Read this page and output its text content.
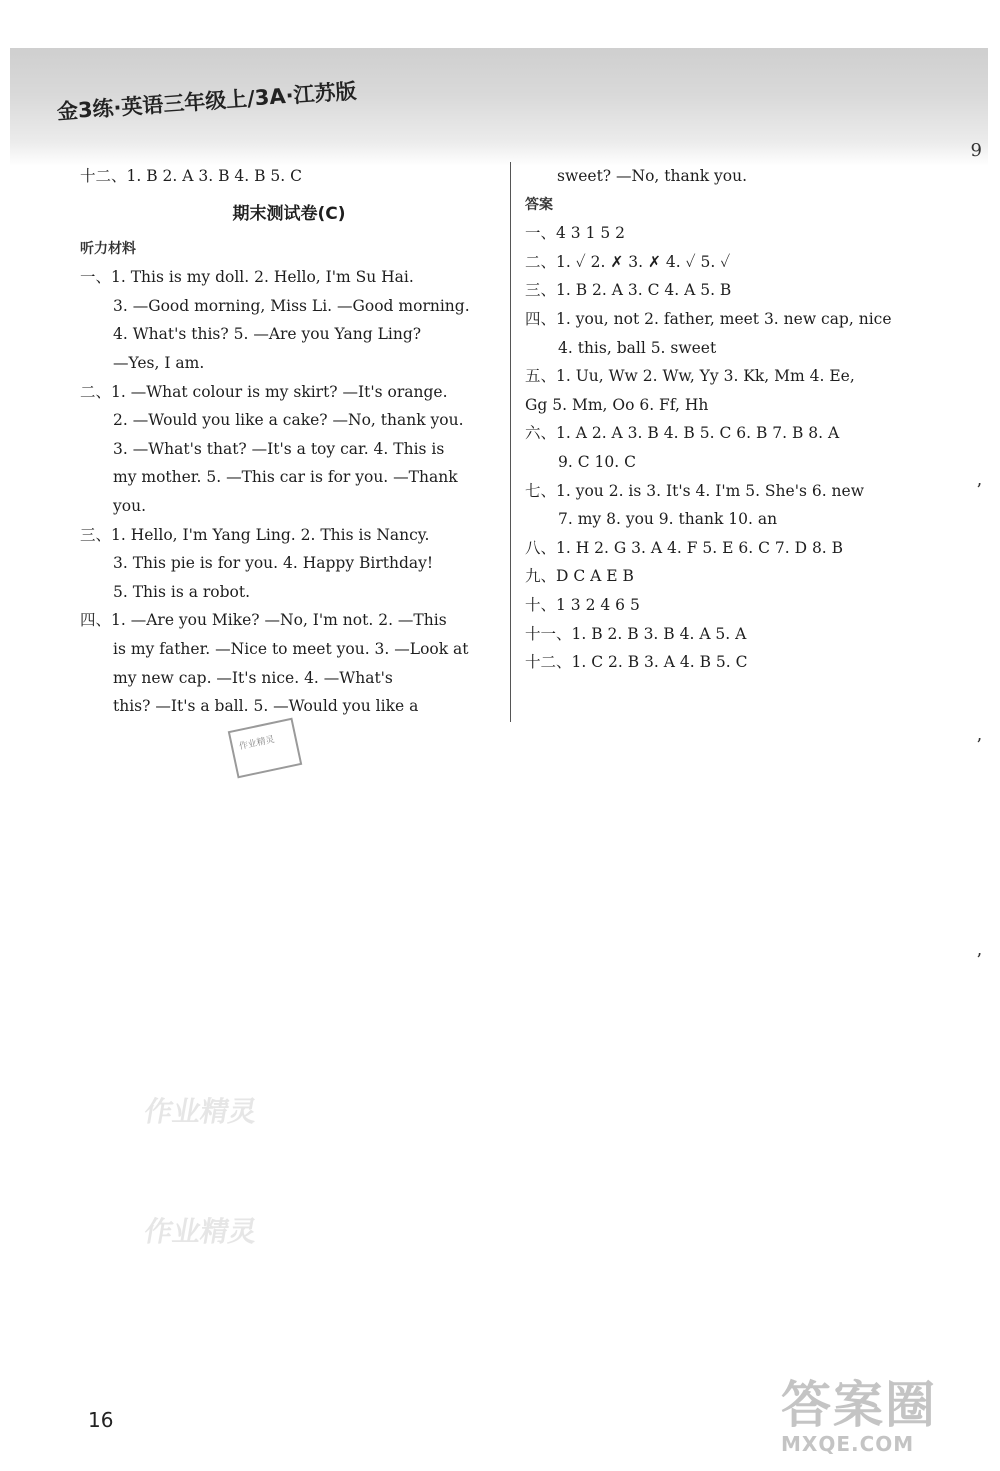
金3练·英语三年级上/3A·江苏版
9
十二、1. B 2. A 3. B 4. B 5. C
期末测试卷(C)
听力材料
一、1. This is my doll. 2. Hello, I'm Su Hai.
3. —Good morning, Miss Li. —Good morning.
4. What's this? 5. —Are you Yang Ling?
—Yes, I am.
二、1. —What colour is my skirt? —It's orange.
2. —Would you like a cake? —No, thank you.
3. —What's that? —It's a toy car. 4. This is
my mother. 5. —This car is for you. —Thank
you.
三、1. Hello, I'm Yang Ling. 2. This is Nancy.
3. This pie is for you. 4. Happy Birthday!
5. This is a robot.
四、1. —Are you Mike? —No, I'm not. 2. —This
is my father. —Nice to meet you. 3. —Look at
my new cap. —It's nice. 4. —What's
this? —It's a ball. 5. —Would you like a
sweet? —No, thank you.
答案
一、4 3 1 5 2
二、1. ✓ 2. ✗ 3. ✗ 4. ✓ 5. ✓
三、1. B 2. A 3. C 4. A 5. B
四、1. you, not 2. father, meet 3. new cap, nice
4. this, ball 5. sweet
五、1. Uu, Ww 2. Ww, Yy 3. Kk, Mm 4. Ee,
Gg 5. Mm, Oo 6. Ff, Hh
六、1. A 2. A 3. B 4. B 5. C 6. B 7. B 8. A
9. C 10. C
七、1. you 2. is 3. It's 4. I'm 5. She's 6. new
7. my 8. you 9. thank 10. an
八、1. H 2. G 3. A 4. F 5. E 6. C 7. D 8. B
九、D C A E B
十、1 3 2 4 6 5
十一、1. B 2. B 3. B 4. A 5. A
十二、1. C 2. B 3. A 4. B 5. C
作业精灵
’
’
’
作业精灵
作业精灵
16	答案圈
MXQE.COM
